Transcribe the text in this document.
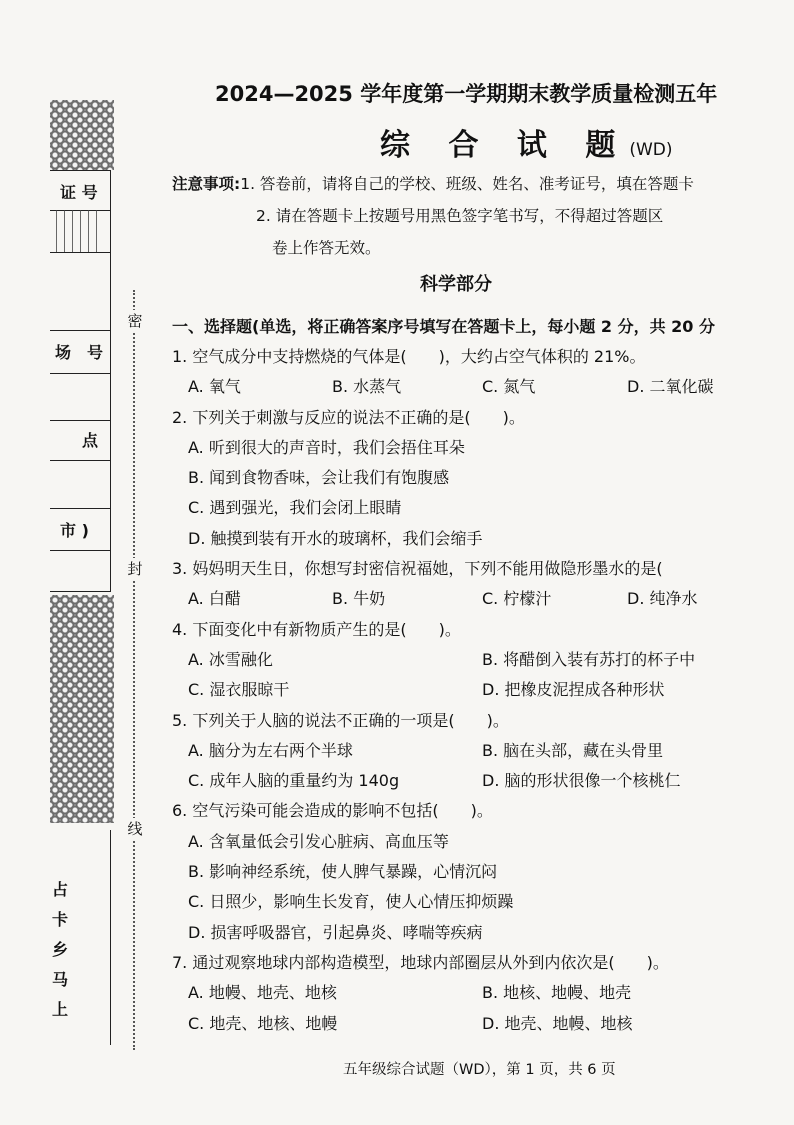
证 号
场　号
点
市 )
密
封
线
占
卡
乡
马
上
2024—2025 学年度第一学期期末教学质量检测五年
综 合 试 题(WD)
注意事项:1. 答卷前，请将自己的学校、班级、姓名、准考证号，填在答题卡
2. 请在答题卡上按题号用黑色签字笔书写，不得超过答题区
卷上作答无效。
科学部分
一、选择题(单选，将正确答案序号填写在答题卡上，每小题 2 分，共 20 分
1. 空气成分中支持燃烧的气体是(　　)，大约占空气体积的 21%。
A. 氧气	B. 水蒸气	C. 氮气	D. 二氧化碳
2. 下列关于刺激与反应的说法不正确的是(　　)。
A. 听到很大的声音时，我们会捂住耳朵
B. 闻到食物香味，会让我们有饱腹感
C. 遇到强光，我们会闭上眼睛
D. 触摸到装有开水的玻璃杯，我们会缩手
3. 妈妈明天生日，你想写封密信祝福她，下列不能用做隐形墨水的是(
A. 白醋	B. 牛奶	C. 柠檬汁	D. 纯净水
4. 下面变化中有新物质产生的是(　　)。
A. 冰雪融化	B. 将醋倒入装有苏打的杯子中
C. 湿衣服晾干	D. 把橡皮泥捏成各种形状
5. 下列关于人脑的说法不正确的一项是(　　)。
A. 脑分为左右两个半球	B. 脑在头部，藏在头骨里
C. 成年人脑的重量约为 140g	D. 脑的形状很像一个核桃仁
6. 空气污染可能会造成的影响不包括(　　)。
A. 含氧量低会引发心脏病、高血压等
B. 影响神经系统，使人脾气暴躁，心情沉闷
C. 日照少，影响生长发育，使人心情压抑烦躁
D. 损害呼吸器官，引起鼻炎、哮喘等疾病
7. 通过观察地球内部构造模型，地球内部圈层从外到内依次是(　　)。
A. 地幔、地壳、地核	B. 地核、地幔、地壳
C. 地壳、地核、地幔	D. 地壳、地幔、地核
五年级综合试题（WD），第 1 页，共 6 页
